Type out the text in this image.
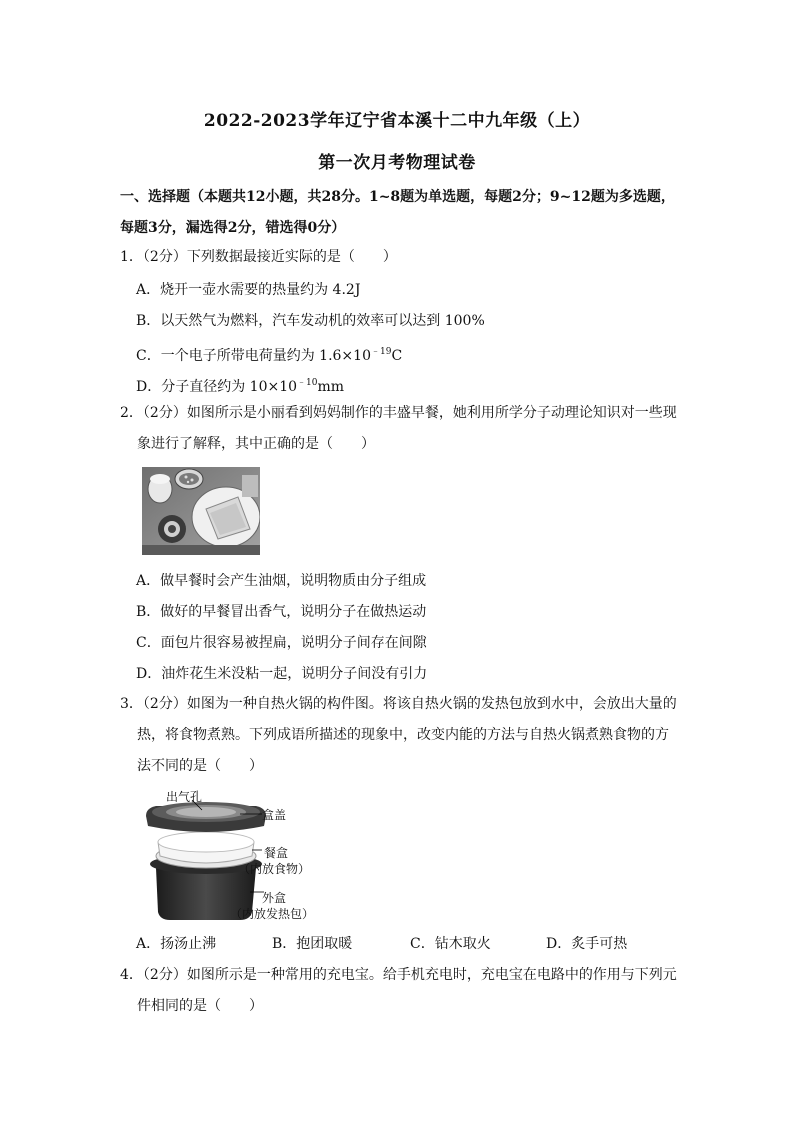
2022-2023学年辽宁省本溪十二中九年级（上）
第一次月考物理试卷
一、选择题（本题共12小题，共28分。1~8题为单选题，每题2分；9~12题为多选题，
每题3分，漏选得2分，错选得0分）
1．（2分）下列数据最接近实际的是（　　）
A．烧开一壶水需要的热量约为 4.2J
B．以天然气为燃料，汽车发动机的效率可以达到 100%
C．一个电子所带电荷量约为 $1.6\times 10^{﹣19}C$
D．分子直径约为 $10\times 10^{﹣10}mm$
2．（2分）如图所示是小丽看到妈妈制作的丰盛早餐，她利用所学分子动理论知识对一些现
象进行了解释，其中正确的是（　　）
A．做早餐时会产生油烟，说明物质由分子组成
B．做好的早餐冒出香气，说明分子在做热运动
C．面包片很容易被捏扁，说明分子间存在间隙
D．油炸花生米没粘一起，说明分子间没有引力
3．（2分）如图为一种自热火锅的构件图。将该自热火锅的发热包放到水中，会放出大量的
热，将食物煮熟。下列成语所描述的现象中，改变内能的方法与自热火锅煮熟食物的方
法不同的是（　　）
出气孔
盒盖
餐盒
（内放食物）
外盒
（内放发热包）
A．扬汤止沸	B．抱团取暖	C．钻木取火	D．炙手可热
4．（2分）如图所示是一种常用的充电宝。给手机充电时，充电宝在电路中的作用与下列元
件相同的是（　　）
